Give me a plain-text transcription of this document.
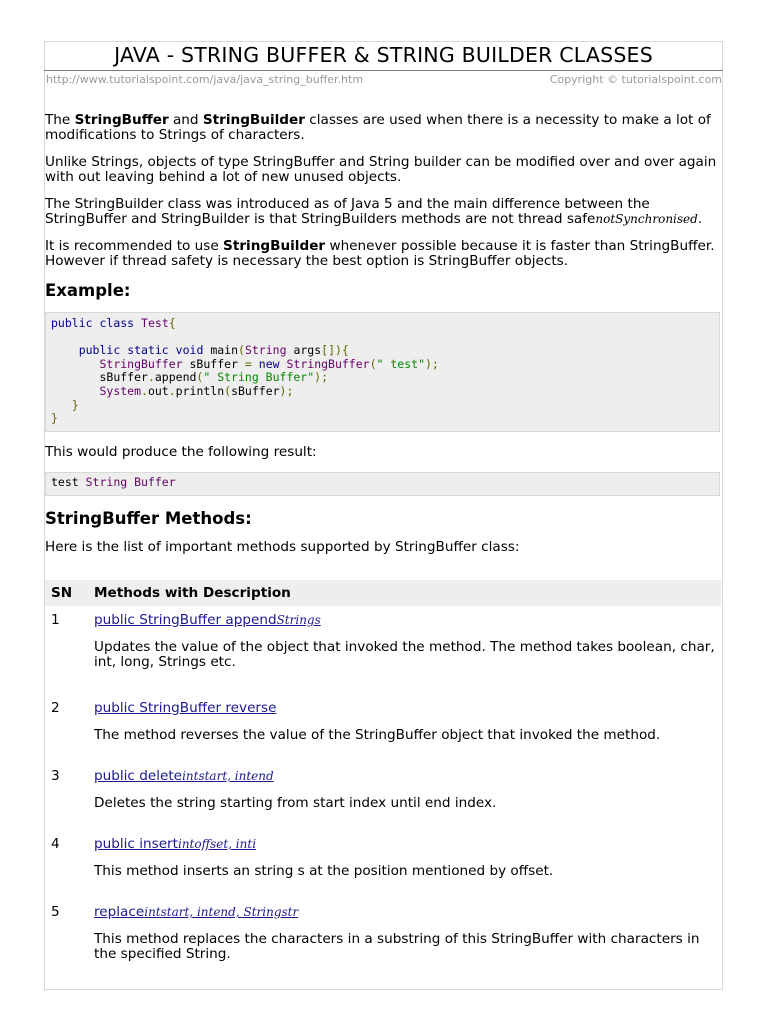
JAVA - STRING BUFFER & STRING BUILDER CLASSES
http://www.tutorialspoint.com/java/java_string_buffer.htm	Copyright © tutorialspoint.com

The StringBuffer and StringBuilder classes are used when there is a necessity to make a lot of modifications to Strings of characters.

Unlike Strings, objects of type StringBuffer and String builder can be modified over and over again with out leaving behind a lot of new unused objects.

The StringBuilder class was introduced as of Java 5 and the main difference between the StringBuffer and StringBuilder is that StringBuilders methods are not thread safenotSynchronised.

It is recommended to use StringBuilder whenever possible because it is faster than StringBuffer. However if thread safety is necessary the best option is StringBuffer objects.

Example:
public class Test{

public static void main(String args[]){
StringBuffer sBuffer = new StringBuffer(" test");
sBuffer.append(" String Buffer");
System.out.println(sBuffer);
}
}

This would produce the following result:

test String Buffer
StringBuffer Methods:

Here is the list of important methods supported by StringBuffer class:

SN	Methods with Description
1	public StringBuffer appendStrings

Updates the value of the object that invoked the method. The method takes boolean, char, int, long, Strings etc.

2	public StringBuffer reverse

The method reverses the value of the StringBuffer object that invoked the method.

3	public deleteintstart, intend

Deletes the string starting from start index until end index.

4	public insertintoffset, inti

This method inserts an string s at the position mentioned by offset.

5	replaceintstart, intend, Stringstr

This method replaces the characters in a substring of this StringBuffer with characters in the specified String.
